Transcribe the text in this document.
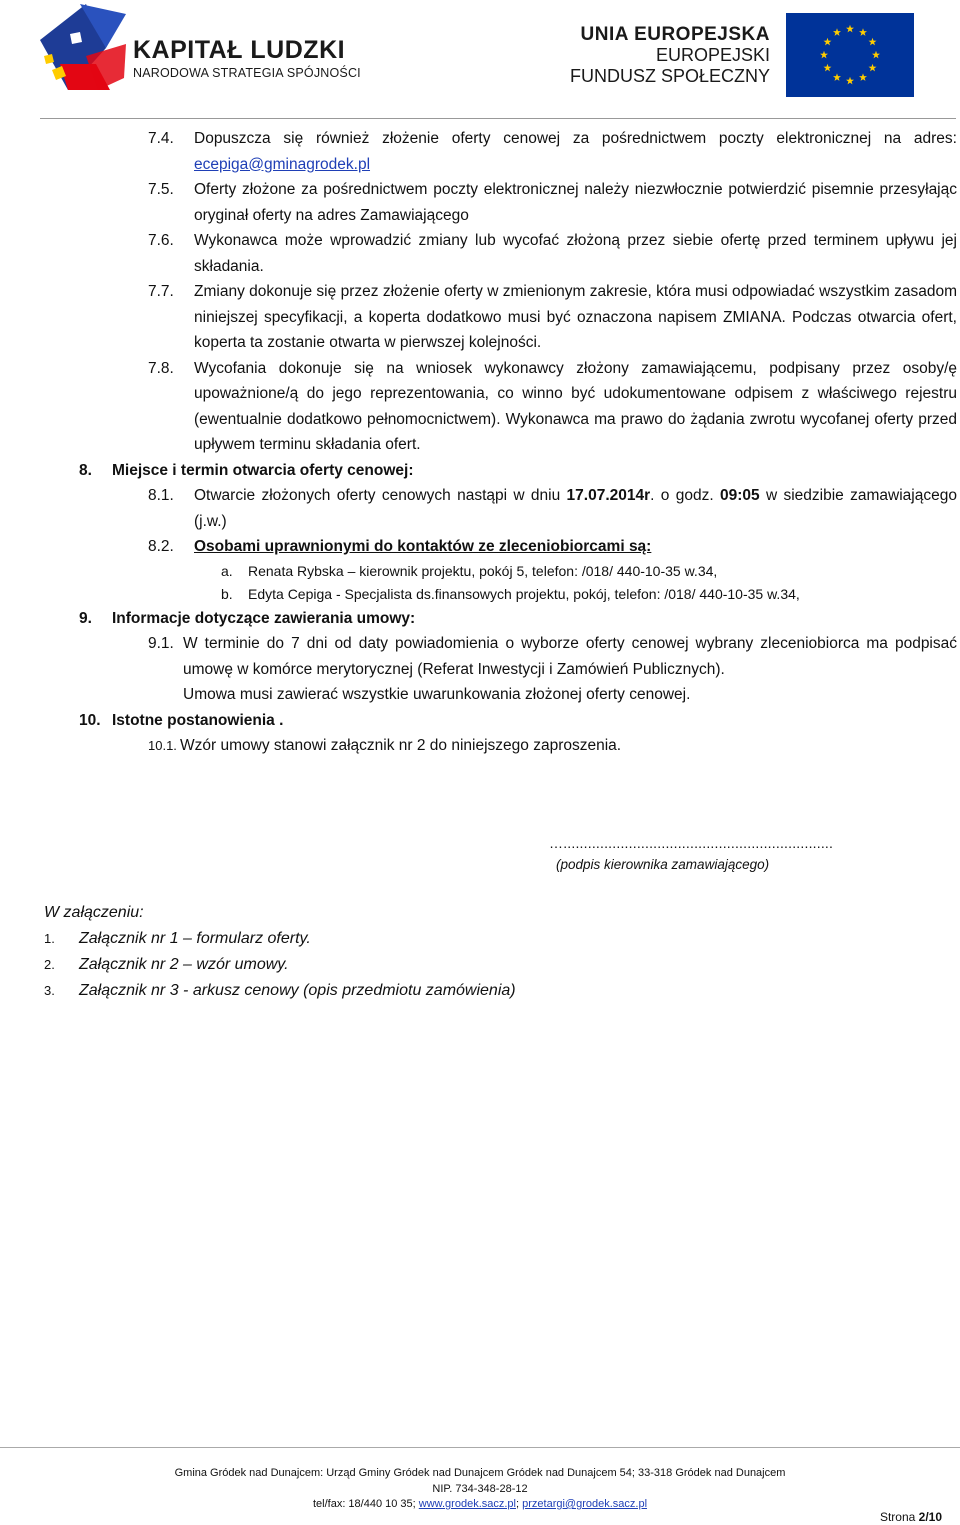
KAPITAŁ LUDZKI
NARODOWA STRATEGIA SPÓJNOŚCI
UNIA EUROPEJSKA
EUROPEJSKI
FUNDUSZ SPOŁECZNY
7.4. Dopuszcza się również złożenie oferty cenowej za pośrednictwem poczty elektronicznej na adres: ecepiga@gminagrodek.pl
7.5. Oferty złożone za pośrednictwem poczty elektronicznej należy niezwłocznie potwierdzić pisemnie przesyłając oryginał oferty na adres Zamawiającego
7.6. Wykonawca może wprowadzić zmiany lub wycofać złożoną przez siebie ofertę przed terminem upływu jej składania.
7.7. Zmiany dokonuje się przez złożenie oferty w zmienionym zakresie, która musi odpowiadać wszystkim zasadom niniejszej specyfikacji, a koperta dodatkowo musi być oznaczona napisem ZMIANA. Podczas otwarcia ofert, koperta ta zostanie otwarta w pierwszej kolejności.
7.8. Wycofania dokonuje się na wniosek wykonawcy złożony zamawiającemu, podpisany przez osoby/ę upoważnione/ą do jego reprezentowania, co winno być udokumentowane odpisem z właściwego rejestru (ewentualnie dodatkowo pełnomocnictwem). Wykonawca ma prawo do żądania zwrotu wycofanej oferty przed upływem terminu składania ofert.
8. Miejsce i termin otwarcia oferty cenowej:
8.1. Otwarcie złożonych oferty cenowych nastąpi w dniu 17.07.2014r. o godz. 09:05 w siedzibie zamawiającego (j.w.)
8.2. Osobami uprawnionymi do kontaktów ze zleceniobiorcami są:
a. Renata Rybska – kierownik projektu, pokój 5, telefon: /018/ 440-10-35 w.34,
b. Edyta Cepiga - Specjalista ds.finansowych projektu, pokój, telefon: /018/ 440-10-35 w.34,
9. Informacje dotyczące zawierania umowy:
9.1. W terminie do 7 dni od daty powiadomienia o wyborze oferty cenowej wybrany zleceniobiorca ma podpisać umowę w komórce merytorycznej (Referat Inwestycji i Zamówień Publicznych).
Umowa musi zawierać wszystkie uwarunkowania złożonej oferty cenowej.
10. Istotne postanowienia .
10.1. Wzór umowy stanowi załącznik nr 2 do niniejszego zaproszenia.
…..................................................................
(podpis kierownika zamawiającego)
W załączeniu:
1. Załącznik nr 1 – formularz oferty.
2. Załącznik nr 2 – wzór umowy.
3. Załącznik nr 3 - arkusz cenowy (opis przedmiotu zamówienia)
Gmina Gródek nad Dunajcem: Urząd Gminy Gródek nad Dunajcem Gródek nad Dunajcem 54; 33-318 Gródek nad Dunajcem
NIP. 734-348-28-12
tel/fax: 18/440 10 35; www.grodek.sacz.pl; przetargi@grodek.sacz.pl
Strona 2/10
